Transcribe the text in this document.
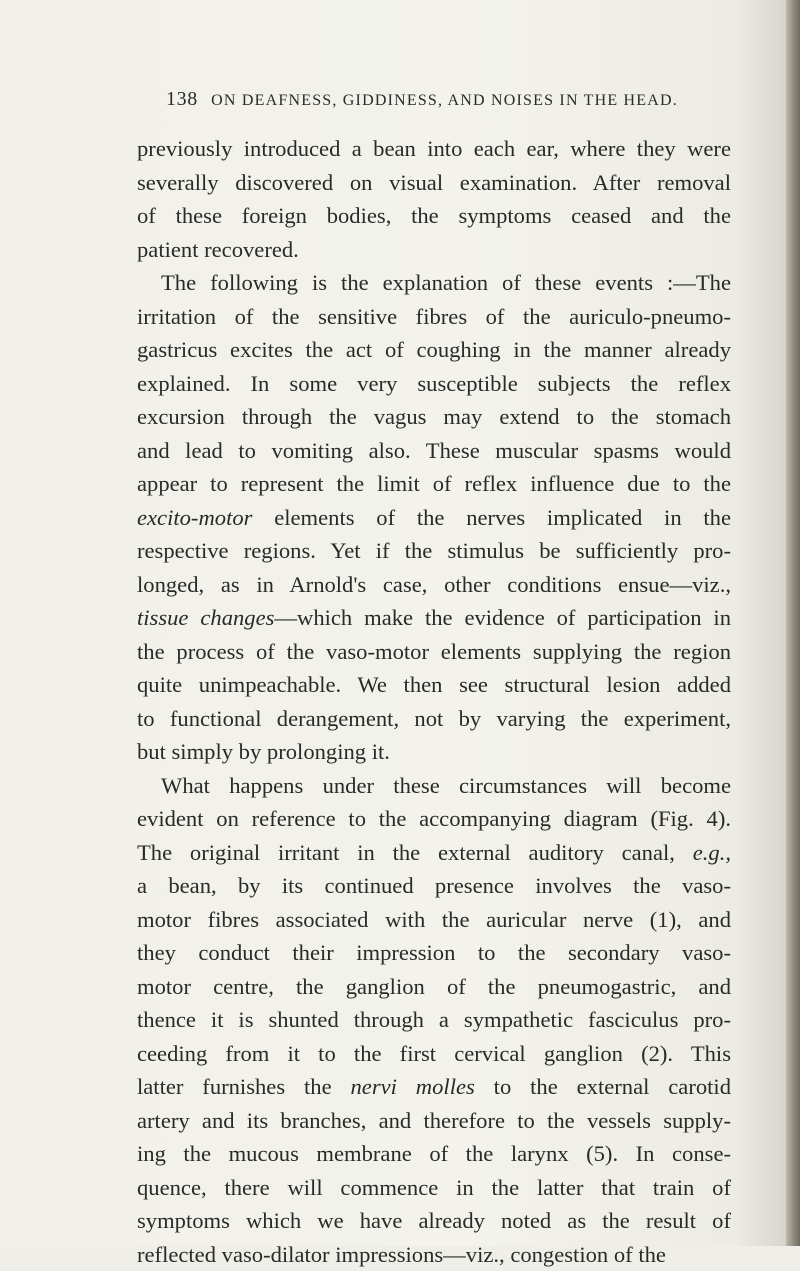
138 ON DEAFNESS, GIDDINESS, AND NOISES IN THE HEAD.

previously introduced a bean into each ear, where they were
severally discovered on visual examination. After removal
of these foreign bodies, the symptoms ceased and the
patient recovered.

The following is the explanation of these events :—The
irritation of the sensitive fibres of the auriculo-pneumo-
gastricus excites the act of coughing in the manner already
explained. In some very susceptible subjects the reflex
excursion through the vagus may extend to the stomach
and lead to vomiting also. These muscular spasms would
appear to represent the limit of reflex influence due to the
excito-motor elements of the nerves implicated in the
respective regions. Yet if the stimulus be sufficiently pro-
longed, as in Arnold's case, other conditions ensue—viz.,
tissue changes—which make the evidence of participation in
the process of the vaso-motor elements supplying the region
quite unimpeachable. We then see structural lesion added
to functional derangement, not by varying the experiment,
but simply by prolonging it.

What happens under these circumstances will become
evident on reference to the accompanying diagram (Fig. 4).
The original irritant in the external auditory canal, e.g.,
a bean, by its continued presence involves the vaso-
motor fibres associated with the auricular nerve (1), and
they conduct their impression to the secondary vaso-
motor centre, the ganglion of the pneumogastric, and
thence it is shunted through a sympathetic fasciculus pro-
ceeding from it to the first cervical ganglion (2). This
latter furnishes the nervi molles to the external carotid
artery and its branches, and therefore to the vessels supply-
ing the mucous membrane of the larynx (5). In conse-
quence, there will commence in the latter that train of
symptoms which we have already noted as the result of
reflected vaso-dilator impressions—viz., congestion of the
